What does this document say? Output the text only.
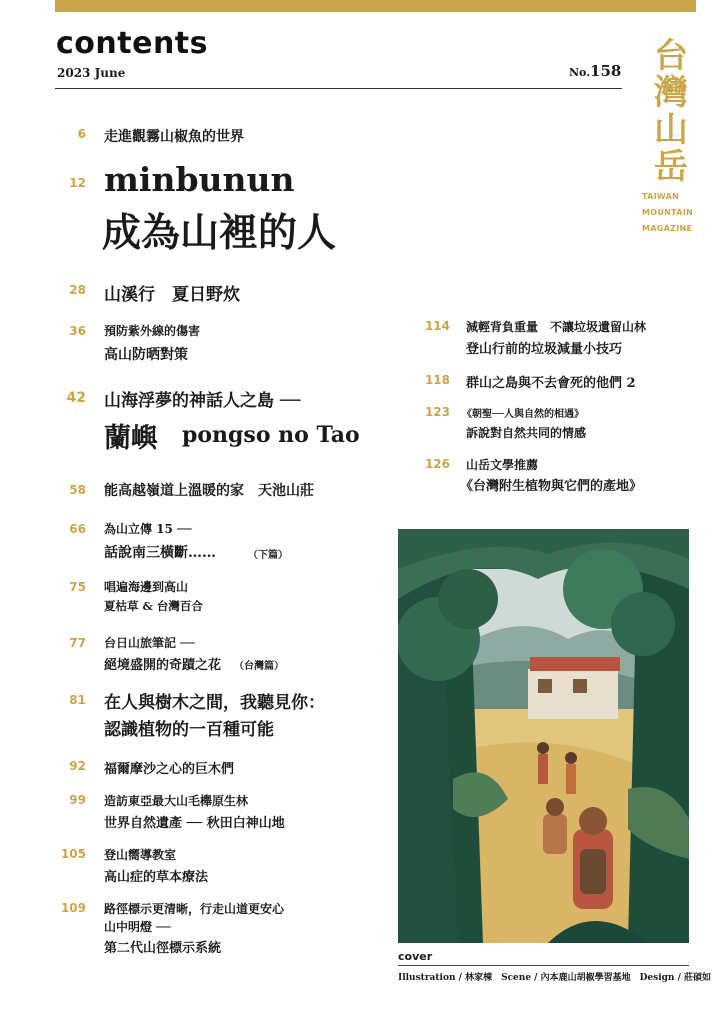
contents
2023 June	No.158 台
灣
山
岳
TAIWAN
MOUNTAIN
MAGAZINE
6 走進觀霧山椒魚的世界
12 minbunun
成為山裡的人
28 山溪行　夏日野炊
36 預防紫外線的傷害
高山防晒對策
42 山海浮夢的神話人之島 ──
蘭嶼 pongso no Tao
58 能高越嶺道上溫暖的家　天池山莊
66 為山立傳 15 ──
話說南三橫斷……	（下篇）
75 唱遍海邊到高山
夏枯草 & 台灣百合
77 台日山旅筆記 ──
絕境盛開的奇蹟之花 （台灣篇）
81 在人與樹木之間，我聽見你：
認識植物的一百種可能
92 福爾摩沙之心的巨木們
99 造訪東亞最大山毛櫸原生林
世界自然遺產 ── 秋田白神山地
105 登山嚮導教室
高山症的草本療法
109 路徑標示更清晰，行走山道更安心
山中明燈 ──
第二代山徑標示系統
114 減輕背負重量　不讓垃圾遺留山林
登山行前的垃圾減量小技巧
118 群山之島與不去會死的他們 2
123 《朝聖──人與自然的相遇》
訴說對自然共同的情感
126 山岳文學推薦
《台灣附生植物與它們的產地》
cover
Illustration / 林家棟　Scene / 內本鹿山胡椒學習基地　Design / 莊碩如
